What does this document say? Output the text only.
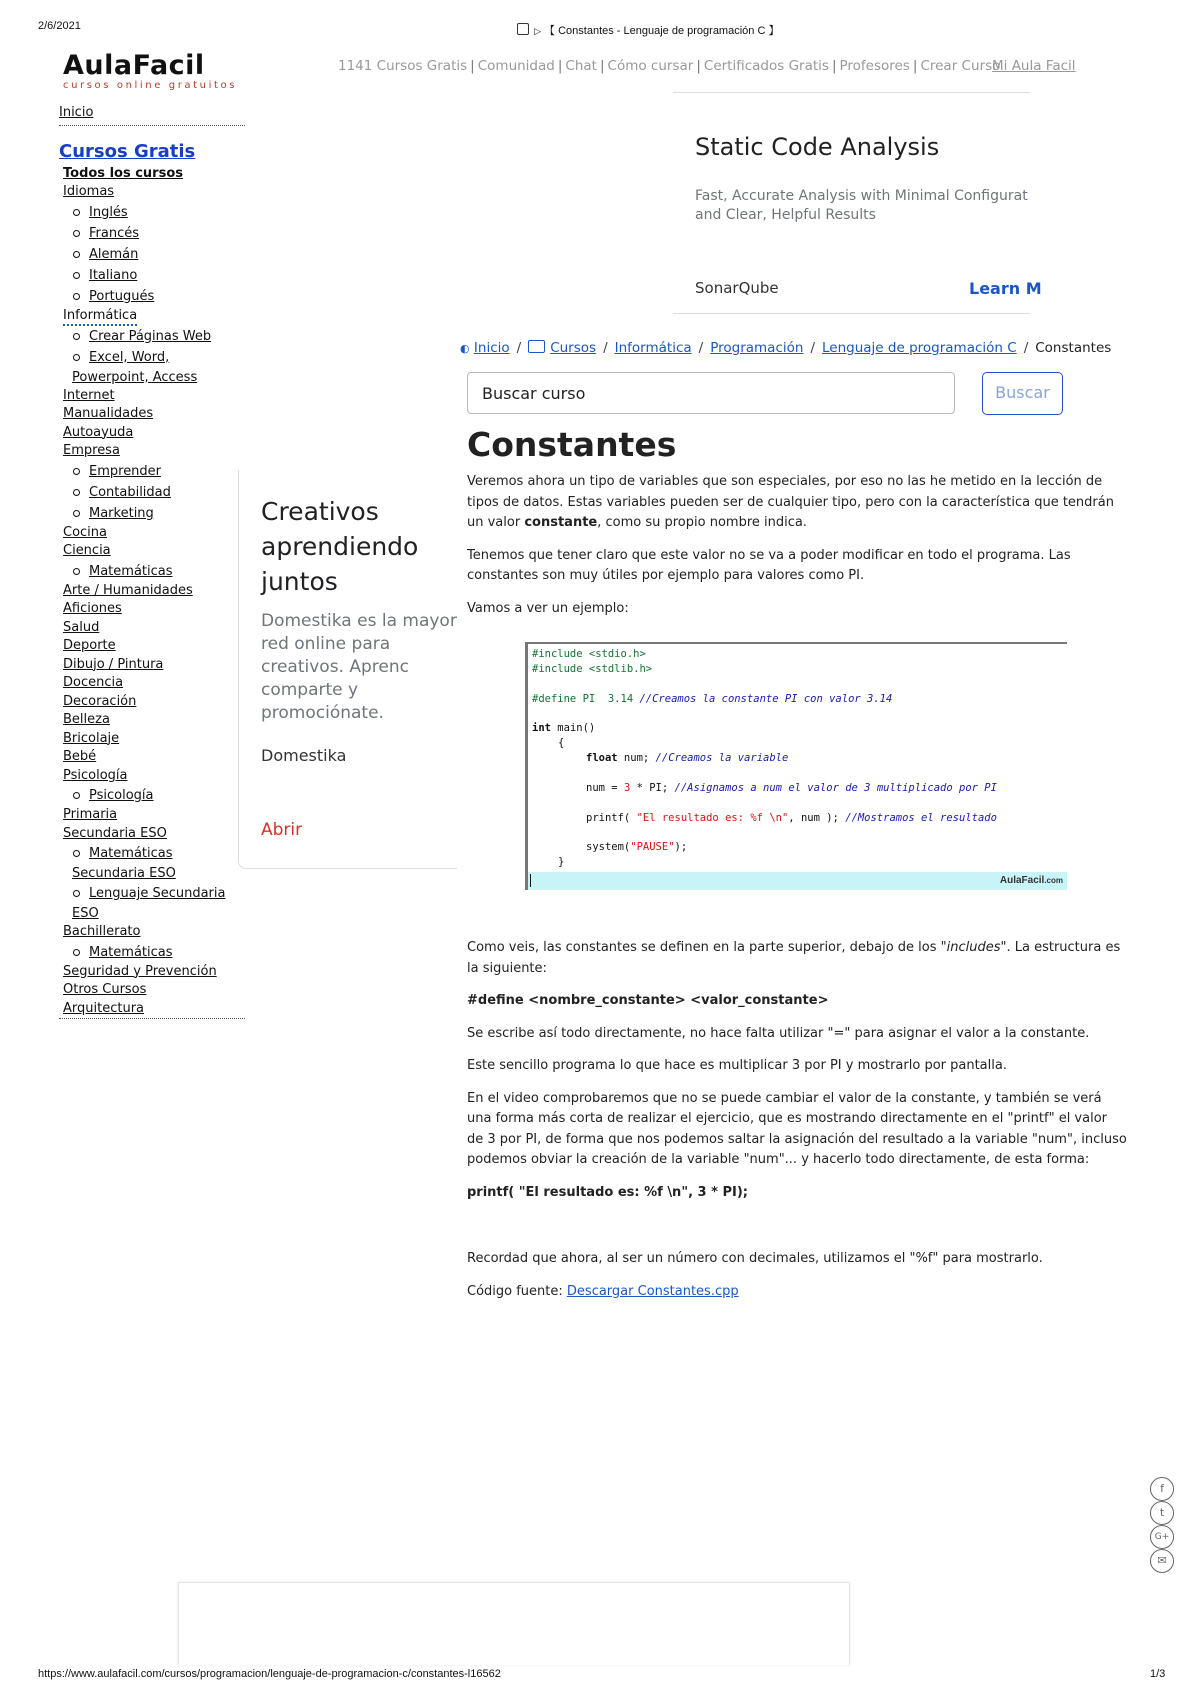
2/6/2021	▷ 【 Constantes - Lenguaje de programación C 】
AulaFacil
cursos online gratuitos
1141 Cursos Gratis | Comunidad | Chat | Cómo cursar | Certificados Gratis | Profesores | Crear Curso
Mi Aula Facil
Inicio
Cursos Gratis
Todos los cursos
Idiomas
Inglés
Francés
Alemán
Italiano
Portugués
Informática
Crear Páginas Web
Excel, Word,
Powerpoint, Access
Internet
Manualidades
Autoayuda
Empresa
Emprender
Contabilidad
Marketing
Cocina
Ciencia
Matemáticas
Arte / Humanidades
Aficiones
Salud
Deporte
Dibujo / Pintura
Docencia
Decoración
Belleza
Bricolaje
Bebé
Psicología
Psicología
Primaria
Secundaria ESO
Matemáticas
Secundaria ESO
Lenguaje Secundaria
ESO
Bachillerato
Matemáticas
Seguridad y Prevención
Otros Cursos
Arquitectura
Static Code Analysis
Fast, Accurate Analysis with Minimal Configurat
and Clear, Helpful Results
SonarQube	Learn M
Creativos
aprendiendo
juntos
Domestika es la mayor
red online para
creativos. Aprenc
comparte y
promociónate.
Domestika
Abrir
◐ Inicio / Cursos / Informática / Programación / Lenguaje de programación C / Constantes
Buscar curso	Buscar
Constantes

Veremos ahora un tipo de variables que son especiales, por eso no las he metido en la lección de tipos de datos. Estas variables pueden ser de cualquier tipo, pero con la característica que tendrán un valor constante, como su propio nombre indica.

Tenemos que tener claro que este valor no se va a poder modificar en todo el programa. Las constantes son muy útiles por ejemplo para valores como PI.

Vamos a ver un ejemplo:

#include <stdio.h>
#include <stdlib.h>
#define PI  3.14 //Creamos la constante PI con valor 3.14
int main()
{
float num; //Creamos la variable
num = 3 * PI; //Asignamos a num el valor de 3 multiplicado por PI
printf( "El resultado es: %f \n", num ); //Mostramos el resultado
system("PAUSE");
}
AulaFacil.com

Como veis, las constantes se definen en la parte superior, debajo de los "includes". La estructura es la siguiente:

#define <nombre_constante> <valor_constante>

Se escribe así todo directamente, no hace falta utilizar "=" para asignar el valor a la constante.

Este sencillo programa lo que hace es multiplicar 3 por PI y mostrarlo por pantalla.

En el video comprobaremos que no se puede cambiar el valor de la constante, y también se verá una forma más corta de realizar el ejercicio, que es mostrando directamente en el "printf" el valor de 3 por PI, de forma que nos podemos saltar la asignación del resultado a la variable "num", incluso podemos obviar la creación de la variable "num"... y hacerlo todo directamente, de esta forma:

printf( "El resultado es: %f \n", 3 * PI);

Recordad que ahora, al ser un número con decimales, utilizamos el "%f" para mostrarlo.

Código fuente: Descargar Constantes.cpp

f
t
G+
✉
https://www.aulafacil.com/cursos/programacion/lenguaje-de-programacion-c/constantes-l16562	1/3
